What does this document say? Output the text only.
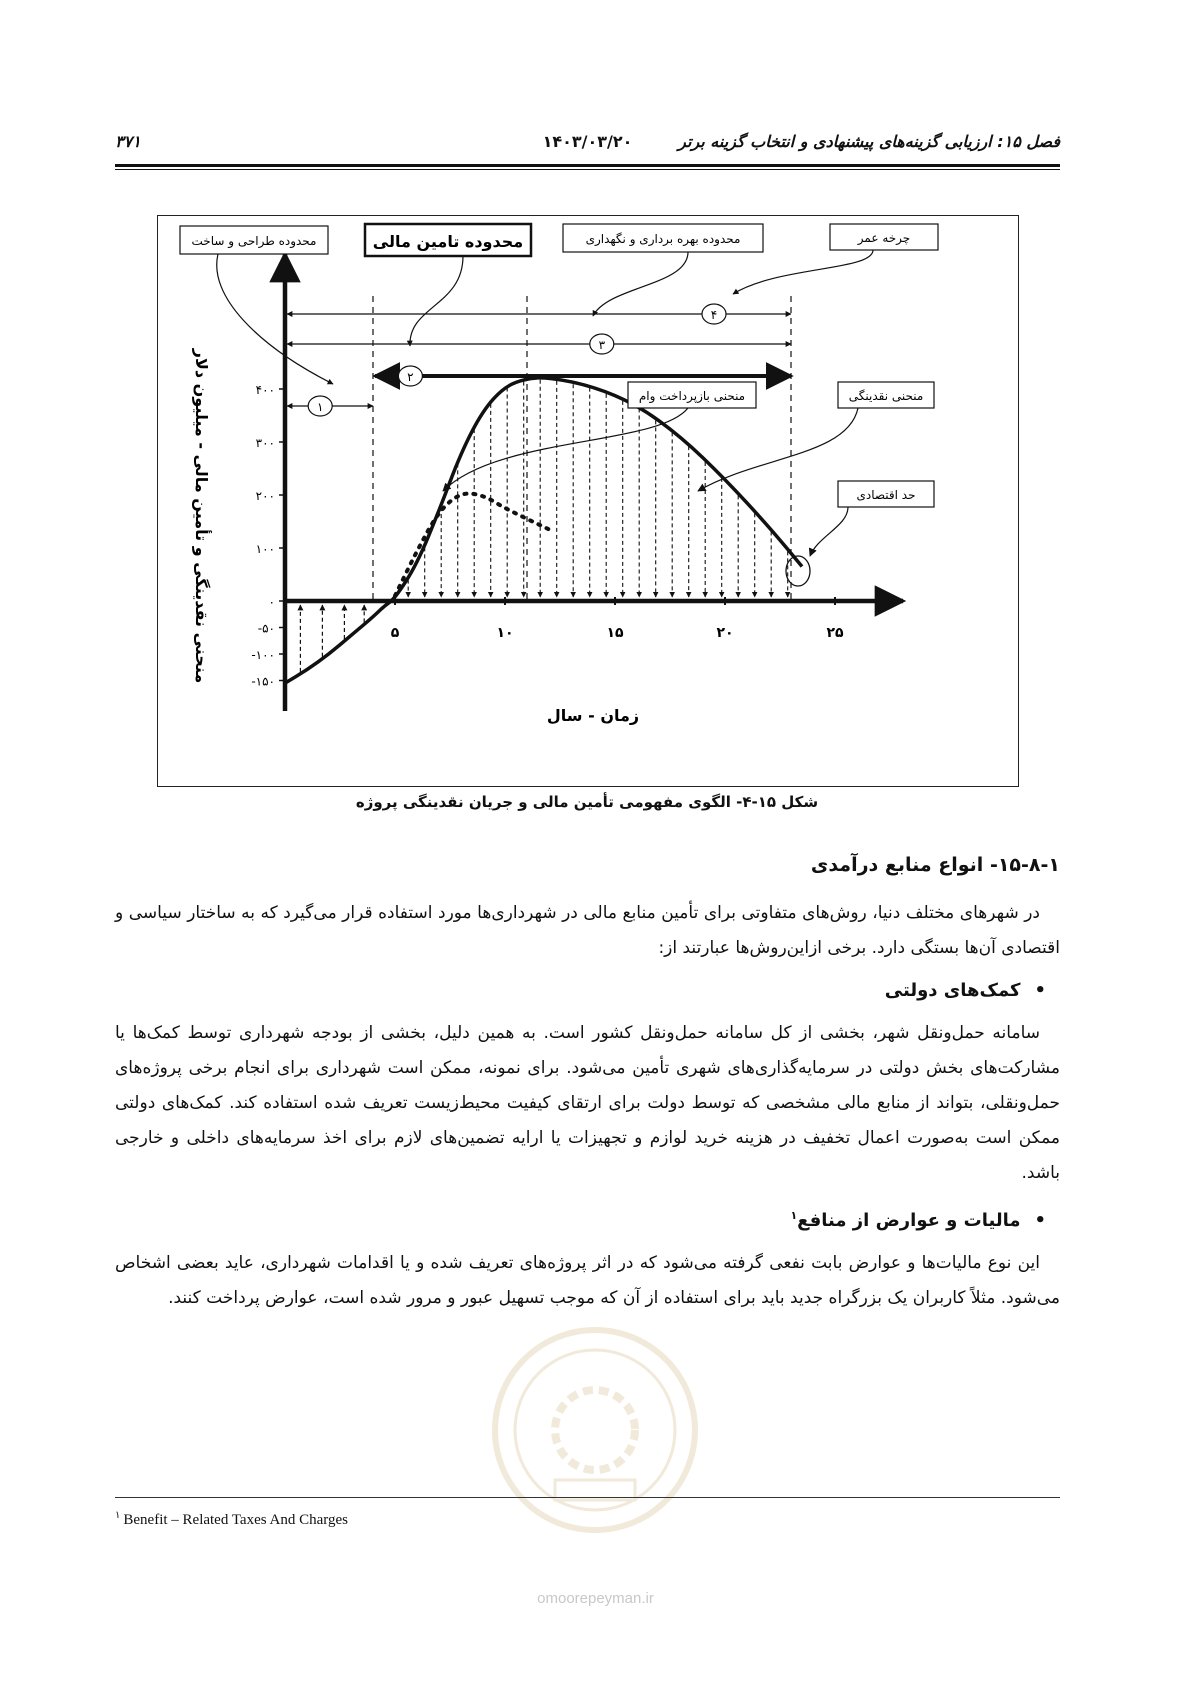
فصل ۱۵: ارزیابی گزینه‌های پیشنهادی و انتخاب گزینه برتر
۱۴۰۳/۰۳/۲۰
۳۷۱
۱
۲
۳
۴
۵	۱۰	۱۵	۲۰	۲۵
۴۰۰
۳۰۰
۲۰۰
۱۰۰
۰
-۵۰
-۱۰۰
-۱۵۰
منحنی نقدینگی و تأمین مالی - میلیون دلار
زمان - سال
محدوده طراحی و ساخت	محدوده تامین مالی	محدوده بهره برداری و نگهداری	چرخه عمر
منحنی بازپرداخت وام	منحنی نقدینگی
حد اقتصادی
شکل ۱۵-۴- الگوی مفهومی تأمین مالی و جریان نقدینگی پروژه
۱۵-۸-۱- انواع منابع درآمدی

در شهرهای مختلف دنیا، روش‌های متفاوتی برای تأمین منابع مالی در شهرداری‌ها مورد استفاده قرار می‌گیرد که به ساختار سیاسی و اقتصادی آن‌ها بستگی دارد. برخی ازاین‌روش‌ها عبارتند از:

•کمک‌های دولتی

سامانه حمل‌ونقل شهر، بخشی از کل سامانه حمل‌ونقل کشور است. به همین دلیل، بخشی از بودجه شهرداری توسط کمک‌ها یا مشارکت‌های بخش دولتی در سرمایه‌گذاری‌های شهری تأمین می‌شود. برای نمونه، ممکن است شهرداری برای انجام برخی پروژه‌های حمل‌ونقلی، بتواند از منابع مالی مشخصی که توسط دولت برای ارتقای کیفیت محیط‌زیست تعریف شده استفاده کند. کمک‌های دولتی ممکن است به‌صورت اعمال تخفیف در هزینه خرید لوازم و تجهیزات یا ارایه تضمین‌های لازم برای اخذ سرمایه‌های داخلی و خارجی باشد.

•مالیات و عوارض از منافع$^۱$

این نوع مالیات‌ها و عوارض بابت نفعی گرفته می‌شود که در اثر پروژه‌های تعریف شده و یا اقدامات شهرداری، عاید بعضی اشخاص می‌شود. مثلاً کاربران یک بزرگراه جدید باید برای استفاده از آن که موجب تسهیل عبور و مرور شده است، عوارض پرداخت کنند.

$^۱$ Benefit – Related Taxes And Charges
omoorepeyman.ir
